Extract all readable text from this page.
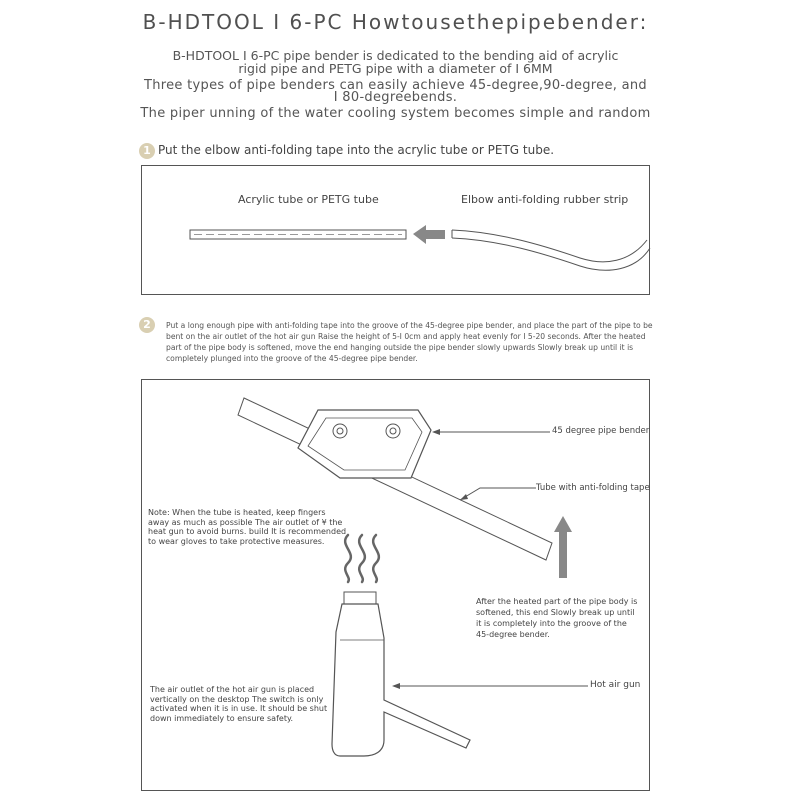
B-HDTOOL I 6-PC Howtousethepipebender:
B-HDTOOL I 6-PC pipe bender is dedicated to the bending aid of acrylic
rigid pipe and PETG pipe with a diameter of I 6MM
Three types of pipe benders can easily achieve 45-degree,90-degree, and
I 80-degreebends.
The piper unning of the water cooling system becomes simple and random
1 Put the elbow anti-folding tape into the acrylic tube or PETG tube.
Acrylic tube or PETG tube	Elbow anti-folding rubber strip
2	Put a long enough pipe with anti-folding tape into the groove of the 45-degree pipe bender, and place the part of the pipe to be bent on the air outlet of the hot air gun Raise the height of 5-I 0cm and apply heat evenly for I 5-20 seconds. After the heated part of the pipe body is softened, move the end hanging outside the pipe bender slowly upwards Slowly break up until it is completely plunged into the groove of the 45-degree pipe bender.
45 degree pipe bender
Tube with anti-folding tape
Note: When the tube is heated, keep fingers away as much as possible The air outlet of ¥ the heat gun to avoid burns. build It is recommended to wear gloves to take protective measures.
After the heated part of the pipe body is softened, this end Slowly break up until it is completely into the groove of the 45-degree bender.
Hot air gun
The air outlet of the hot air gun is placed vertically on the desktop The switch is only activated when it is in use. It should be shut down immediately to ensure safety.
